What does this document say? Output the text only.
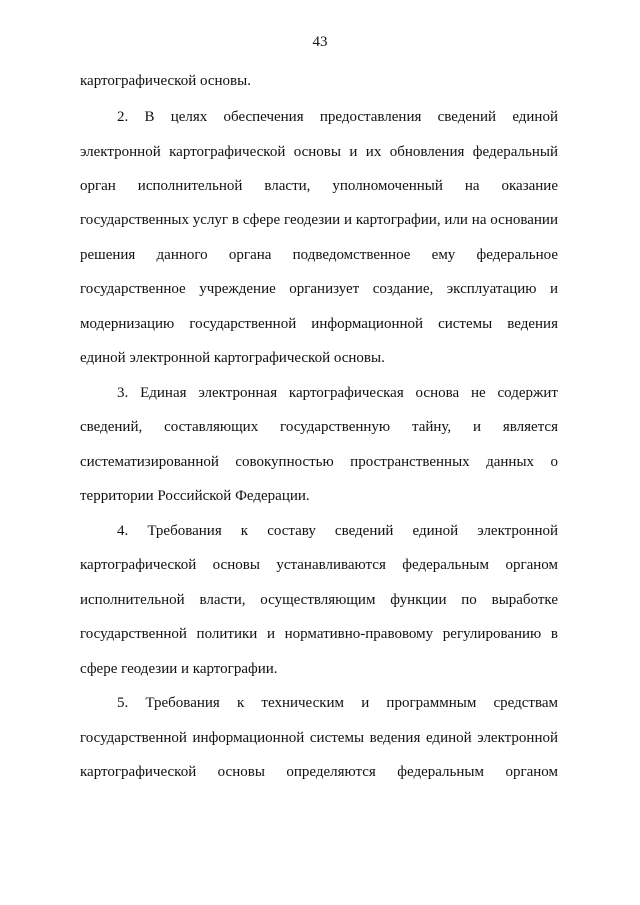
43
картографической основы.
2. В целях обеспечения предоставления сведений единой
электронной картографической основы и их обновления федеральный
орган исполнительной власти, уполномоченный на оказание
государственных услуг в сфере геодезии и картографии, или на основании
решения данного органа подведомственное ему федеральное
государственное учреждение организует создание, эксплуатацию и
модернизацию государственной информационной системы ведения
единой электронной картографической основы.
3. Единая электронная картографическая основа не содержит
сведений, составляющих государственную тайну, и является
систематизированной совокупностью пространственных данных о
территории Российской Федерации.
4. Требования к составу сведений единой электронной
картографической основы устанавливаются федеральным органом
исполнительной власти, осуществляющим функции по выработке
государственной политики и нормативно-правовому регулированию в
сфере геодезии и картографии.
5. Требования к техническим и программным средствам
государственной информационной системы ведения единой электронной
картографической основы определяются федеральным органом
